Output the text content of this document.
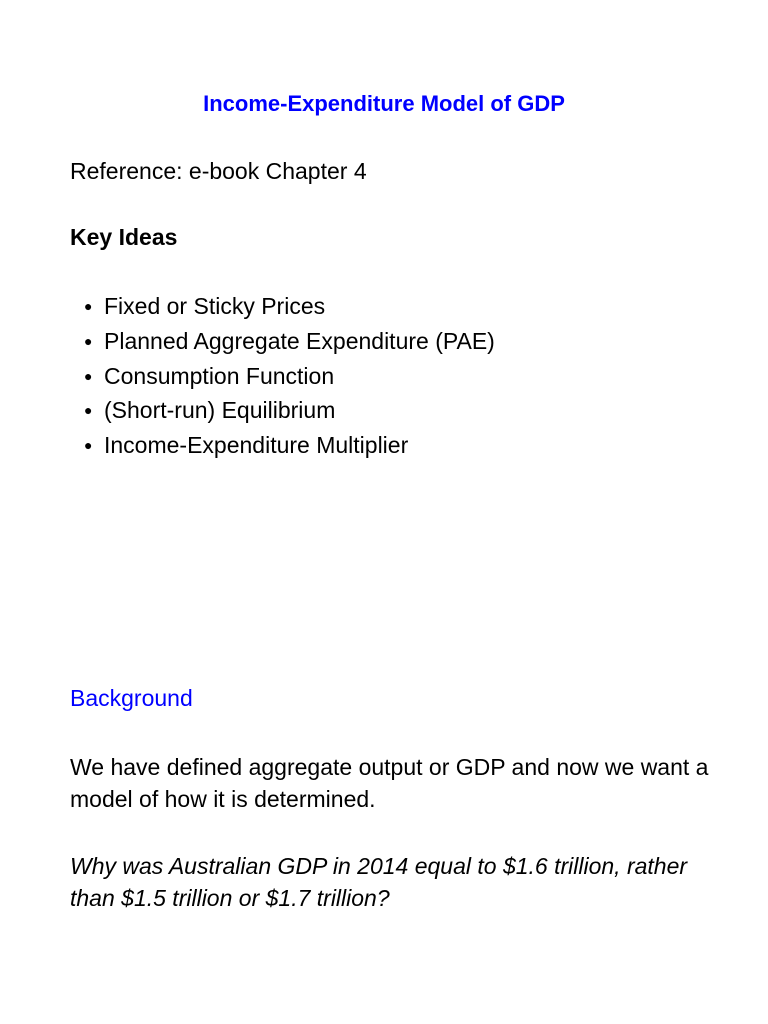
Income-Expenditure Model of GDP
Reference: e-book Chapter 4
Key Ideas
● Fixed or Sticky Prices
● Planned Aggregate Expenditure (PAE)
● Consumption Function
● (Short-run) Equilibrium
● Income-Expenditure Multiplier
Background
We have defined aggregate output or GDP and now we want a model of how it is determined.
Why was Australian GDP in 2014 equal to $1.6 trillion, rather than $1.5 trillion or $1.7 trillion?
